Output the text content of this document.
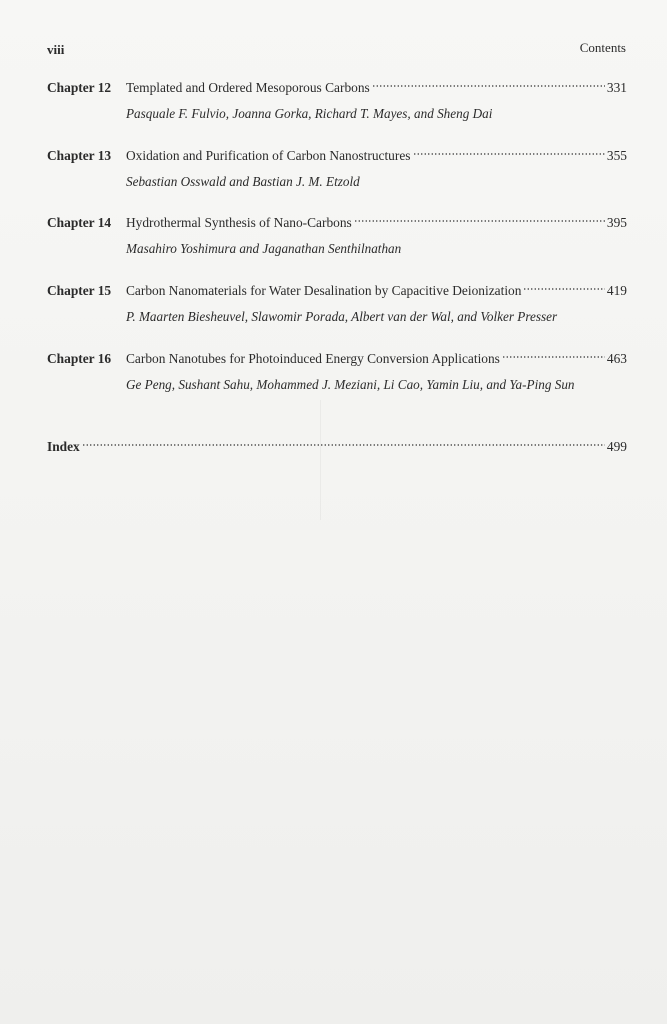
viii	Contents
Chapter 12	Templated and Ordered Mesoporous Carbons	331
Pasquale F. Fulvio, Joanna Gorka, Richard T. Mayes, and Sheng Dai
Chapter 13	Oxidation and Purification of Carbon Nanostructures	355
Sebastian Osswald and Bastian J. M. Etzold
Chapter 14	Hydrothermal Synthesis of Nano-Carbons	395
Masahiro Yoshimura and Jaganathan Senthilnathan
Chapter 15	Carbon Nanomaterials for Water Desalination by Capacitive Deionization	419
P. Maarten Biesheuvel, Slawomir Porada, Albert van der Wal, and Volker Presser
Chapter 16	Carbon Nanotubes for Photoinduced Energy Conversion Applications	463
Ge Peng, Sushant Sahu, Mohammed J. Meziani, Li Cao, Yamin Liu, and Ya-Ping Sun
Index	499
